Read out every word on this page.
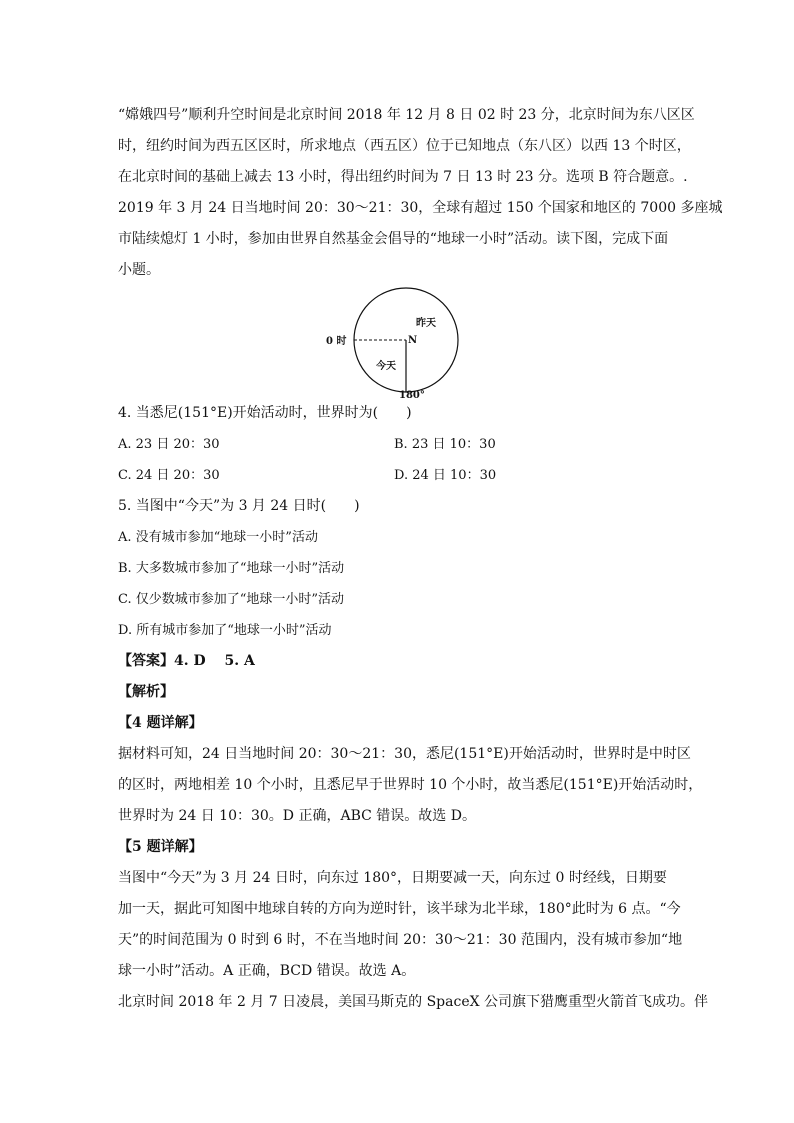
“嫦娥四号”顺利升空时间是北京时间 2018 年 12 月 8 日 02 时 23 分，北京时间为东八区区

时，纽约时间为西五区区时，所求地点（西五区）位于已知地点（东八区）以西 13 个时区，

在北京时间的基础上减去 13 小时，得出纽约时间为 7 日 13 时 23 分。选项 B 符合题意。.

2019 年 3 月 24 日当地时间 20：30～21：30，全球有超过 150 个国家和地区的 7000 多座城

市陆续熄灯 1 小时，参加由世界自然基金会倡导的“地球一小时”活动。读下图，完成下面

小题。

0 时	N
昨天
今天
180°

4. 当悉尼(151°E)开始活动时，世界时为(　　)

A. 23 日 20：30	B. 23 日 10：30
C. 24 日 20：30	D. 24 日 10：30

5. 当图中“今天”为 3 月 24 日时(　　)

A. 没有城市参加“地球一小时”活动

B. 大多数城市参加了“地球一小时”活动

C. 仅少数城市参加了“地球一小时”活动

D. 所有城市参加了“地球一小时”活动

【答案】4. D　 5. A

【解析】

【4 题详解】

据材料可知，24 日当地时间 20：30～21：30，悉尼(151°E)开始活动时，世界时是中时区

的区时，两地相差 10 个小时，且悉尼早于世界时 10 个小时，故当悉尼(151°E)开始活动时，

世界时为 24 日 10：30。D 正确，ABC 错误。故选 D。

【5 题详解】

当图中“今天”为 3 月 24 日时，向东过 180°，日期要减一天，向东过 0 时经线，日期要

加一天，据此可知图中地球自转的方向为逆时针，该半球为北半球，180°此时为 6 点。“今

天”的时间范围为 0 时到 6 时，不在当地时间 20：30～21：30 范围内，没有城市参加“地

球一小时”活动。A 正确，BCD 错误。故选 A。

北京时间 2018 年 2 月 7 日凌晨，美国马斯克的 SpaceX 公司旗下猎鹰重型火箭首飞成功。伴
